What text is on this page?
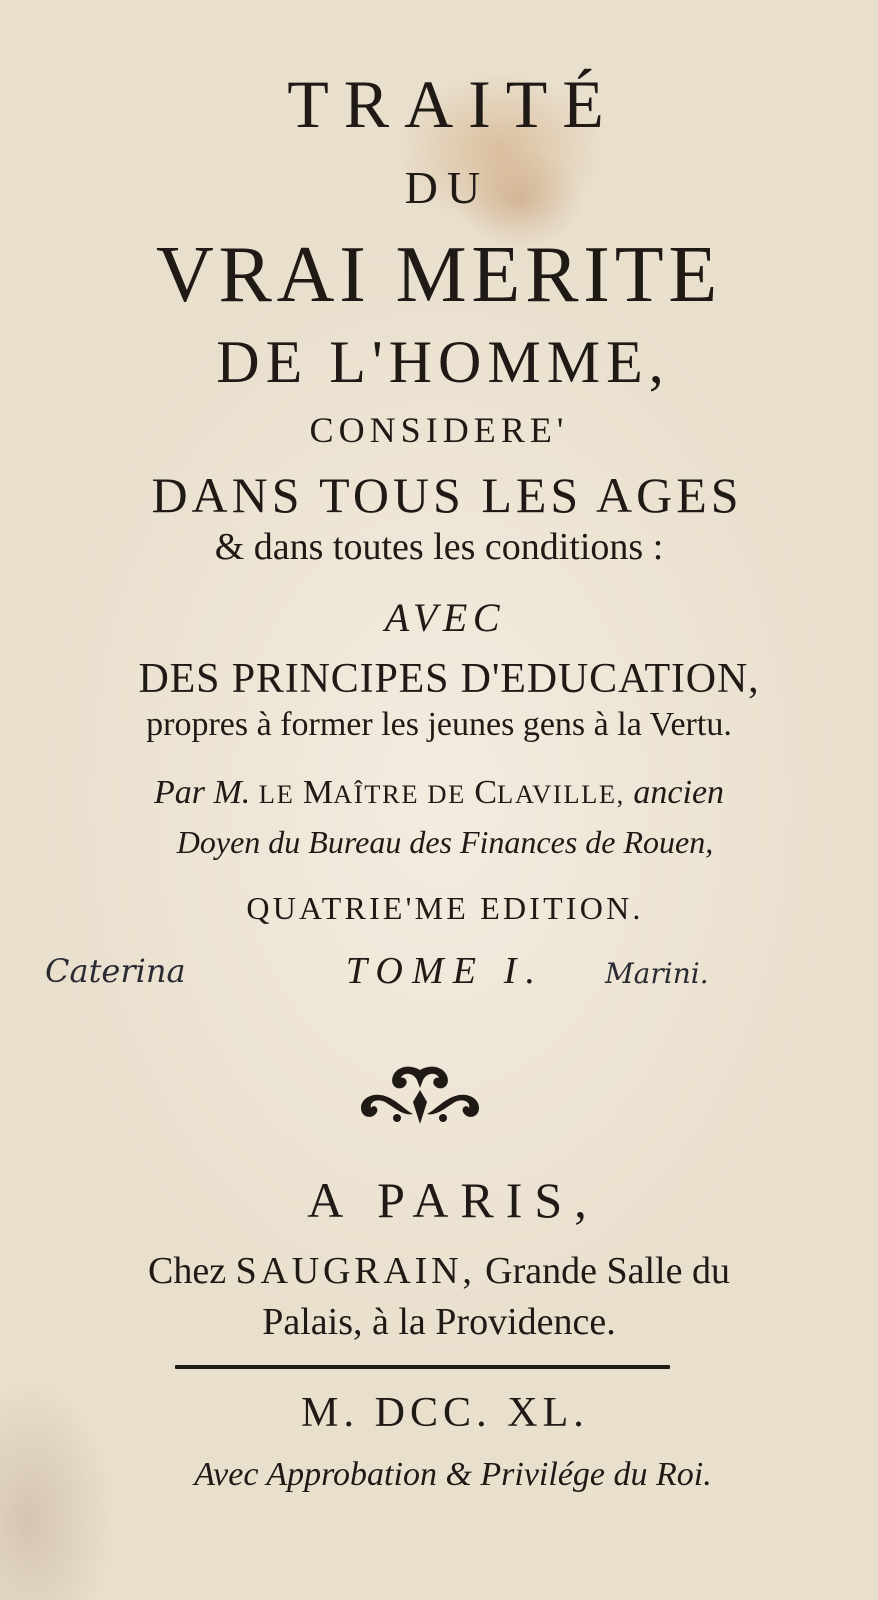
TRAITÉ
DU
VRAI MERITE
DE L'HOMME,
CONSIDERE'
DANS TOUS LES AGES
& dans toutes les conditions :
AVEC
DES PRINCIPES D'EDUCATION,
propres à former les jeunes gens à la Vertu.
Par M. LE MAÎTRE DE CLAVILLE, ancien
Doyen du Bureau des Finances de Rouen,
QUATRIE'ME EDITION.
TOME I.
Caterina	Marini.
A PARIS,
Chez SAUGRAIN, Grande Salle du
Palais, à la Providence.
M. DCC. XL.
Avec Approbation & Privilége du Roi.
